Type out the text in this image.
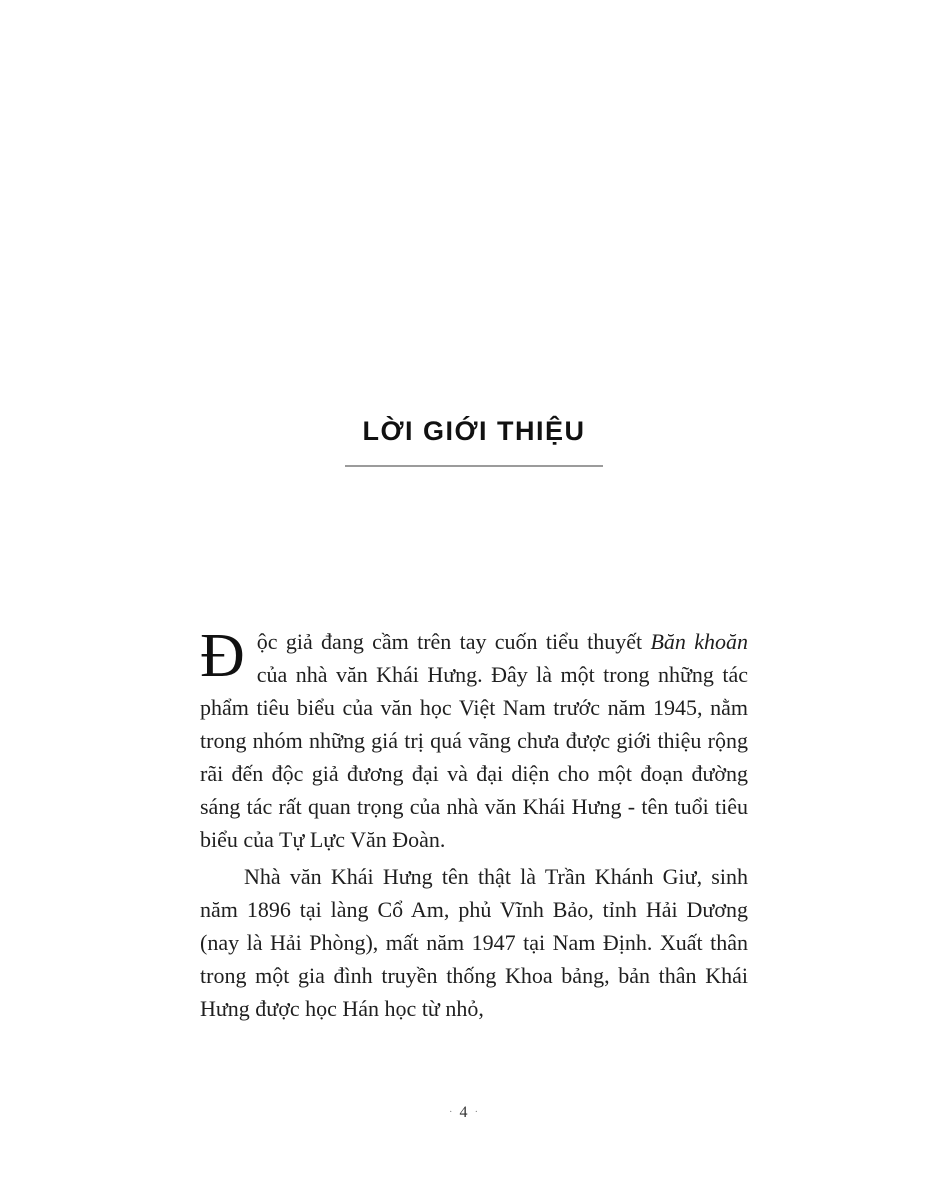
LỜI GIỚI THIỆU

Độc giả đang cầm trên tay cuốn tiểu thuyết Băn khoăn của nhà văn Khái Hưng. Đây là một trong những tác phẩm tiêu biểu của văn học Việt Nam trước năm 1945, nằm trong nhóm những giá trị quá vãng chưa được giới thiệu rộng rãi đến độc giả đương đại và đại diện cho một đoạn đường sáng tác rất quan trọng của nhà văn Khái Hưng - tên tuổi tiêu biểu của Tự Lực Văn Đoàn.

Nhà văn Khái Hưng tên thật là Trần Khánh Giư, sinh năm 1896 tại làng Cổ Am, phủ Vĩnh Bảo, tỉnh Hải Dương (nay là Hải Phòng), mất năm 1947 tại Nam Định. Xuất thân trong một gia đình truyền thống Khoa bảng, bản thân Khái Hưng được học Hán học từ nhỏ,

· 4 ·
